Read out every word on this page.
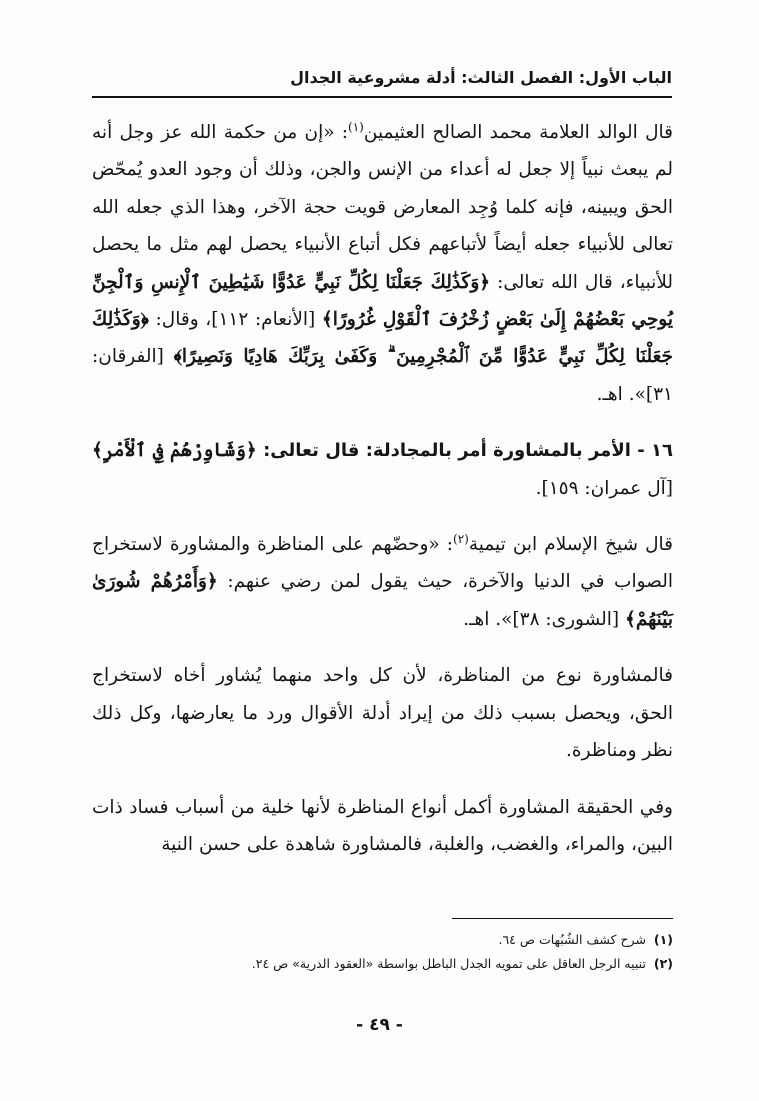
الباب الأول: الفصل الثالث: أدلة مشروعية الجدال

قال الوالد العلامة محمد الصالح العثيمين$^{(١)}$: «إن من حكمة الله عز وجل أنه لم يبعث نبياً إلا جعل له أعداء من الإنس والجن، وذلك أن وجود العدو يُمحّض الحق ويبينه، فإنه كلما وُجِد المعارض قويت حجة الآخر، وهذا الذي جعله الله تعالى للأنبياء جعله أيضاً لأتباعهم فكل أتباع الأنبياء يحصل لهم مثل ما يحصل للأنبياء، قال الله تعالى: ﴿وَكَذَٰلِكَ جَعَلْنَا لِكُلِّ نَبِيٍّ عَدُوًّا شَيَٰطِينَ ٱلْإِنسِ وَٱلْجِنِّ يُوحِي بَعْضُهُمْ إِلَىٰ بَعْضٍ زُخْرُفَ ٱلْقَوْلِ غُرُورًا﴾ [الأنعام: ١١٢]، وقال: ﴿وَكَذَٰلِكَ جَعَلْنَا لِكُلِّ نَبِيٍّ عَدُوًّا مِّنَ ٱلْمُجْرِمِينَ ۗ وَكَفَىٰ بِرَبِّكَ هَادِيًا وَنَصِيرًا﴾ [الفرقان: ٣١]». اهـ.

١٦ - الأمر بالمشاورة أمر بالمجادلة: قال تعالى: ﴿وَشَاوِرْهُمْ فِي ٱلْأَمْرِ﴾ [آل عمران: ١٥٩].

قال شيخ الإسلام ابن تيمية$^{(٢)}$: «وحضّهم على المناظرة والمشاورة لاستخراج الصواب في الدنيا والآخرة، حيث يقول لمن رضي عنهم: ﴿وَأَمْرُهُمْ شُورَىٰ بَيْنَهُمْ﴾ [الشورى: ٣٨]». اهـ.

فالمشاورة نوع من المناظرة، لأن كل واحد منهما يُشاور أخاه لاستخراج الحق، ويحصل بسبب ذلك من إيراد أدلة الأقوال ورد ما يعارضها، وكل ذلك نظر ومناظرة.

وفي الحقيقة المشاورة أكمل أنواع المناظرة لأنها خلية من أسباب فساد ذات البين، والمراء، والغضب، والغلبة، فالمشاورة شاهدة على حسن النية

(١)شرح كشف الشُبُهات ص ٦٤.
(٢)تنبيه الرجل العاقل على تمويه الجدل الباطل بواسطة «العقود الدرية» ص ٢٤.
- ٤٩ -
